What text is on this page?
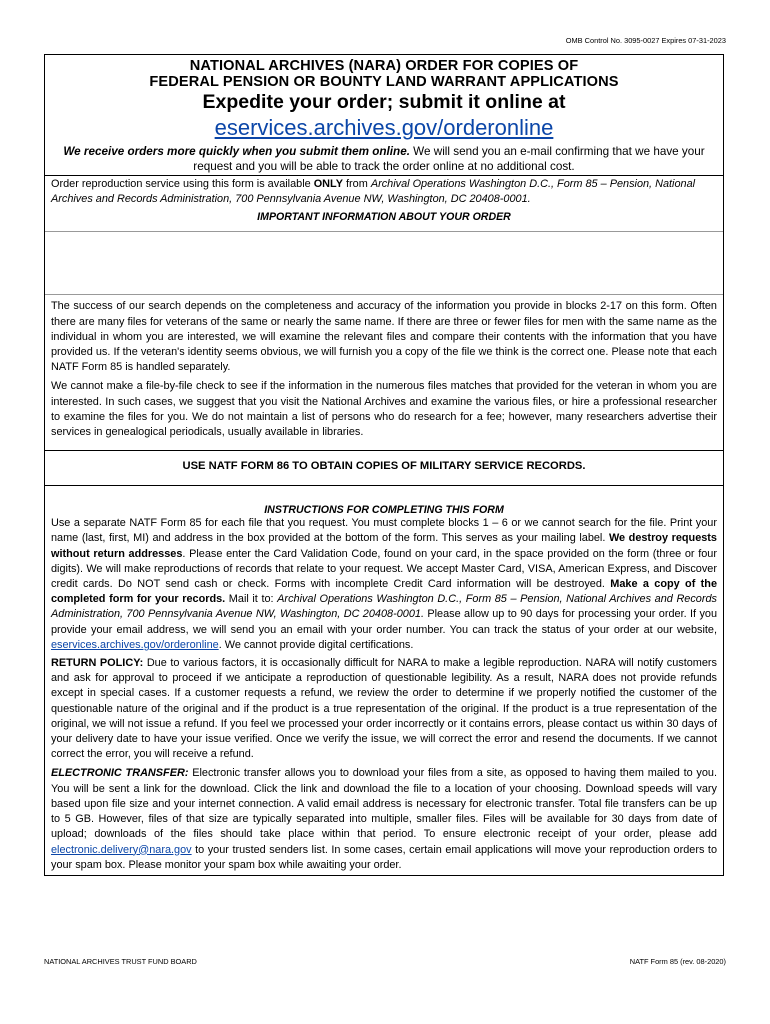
OMB Control No. 3095-0027 Expires 07-31-2023
NATIONAL ARCHIVES (NARA) ORDER FOR COPIES OF
FEDERAL PENSION OR BOUNTY LAND WARRANT APPLICATIONS
Expedite your order; submit it online at
eservices.archives.gov/orderonline
We receive orders more quickly when you submit them online. We will send you an e-mail confirming that we have your request and you will be able to track the order online at no additional cost.
Order reproduction service using this form is available ONLY from Archival Operations Washington D.C., Form 85 – Pension, National Archives and Records Administration, 700 Pennsylvania Avenue NW, Washington, DC 20408-0001.
IMPORTANT INFORMATION ABOUT YOUR ORDER
The success of our search depends on the completeness and accuracy of the information you provide in blocks 2-17 on this form. Often there are many files for veterans of the same or nearly the same name. If there are three or fewer files for men with the same name as the individual in whom you are interested, we will examine the relevant files and compare their contents with the information that you have provided us. If the veteran's identity seems obvious, we will furnish you a copy of the file we think is the correct one. Please note that each NATF Form 85 is handled separately.
We cannot make a file-by-file check to see if the information in the numerous files matches that provided for the veteran in whom you are interested. In such cases, we suggest that you visit the National Archives and examine the various files, or hire a professional researcher to examine the files for you. We do not maintain a list of persons who do research for a fee; however, many researchers advertise their services in genealogical periodicals, usually available in libraries.
USE NATF FORM 86 TO OBTAIN COPIES OF MILITARY SERVICE RECORDS.
INSTRUCTIONS FOR COMPLETING THIS FORM
Use a separate NATF Form 85 for each file that you request. You must complete blocks 1 – 6 or we cannot search for the file. Print your name (last, first, MI) and address in the box provided at the bottom of the form. This serves as your mailing label. We destroy requests without return addresses. Please enter the Card Validation Code, found on your card, in the space provided on the form (three or four digits). We will make reproductions of records that relate to your request. We accept Master Card, VISA, American Express, and Discover credit cards. Do NOT send cash or check. Forms with incomplete Credit Card information will be destroyed. Make a copy of the completed form for your records. Mail it to: Archival Operations Washington D.C., Form 85 – Pension, National Archives and Records Administration, 700 Pennsylvania Avenue NW, Washington, DC 20408-0001. Please allow up to 90 days for processing your order. If you provide your email address, we will send you an email with your order number. You can track the status of your order at our website, eservices.archives.gov/orderonline. We cannot provide digital certifications.
RETURN POLICY: Due to various factors, it is occasionally difficult for NARA to make a legible reproduction. NARA will notify customers and ask for approval to proceed if we anticipate a reproduction of questionable legibility. As a result, NARA does not provide refunds except in special cases. If a customer requests a refund, we review the order to determine if we properly notified the customer of the questionable nature of the original and if the product is a true representation of the original. If the product is a true representation of the original, we will not issue a refund. If you feel we processed your order incorrectly or it contains errors, please contact us within 30 days of your delivery date to have your issue verified. Once we verify the issue, we will correct the error and resend the documents. If we cannot correct the error, you will receive a refund.
ELECTRONIC TRANSFER: Electronic transfer allows you to download your files from a site, as opposed to having them mailed to you. You will be sent a link for the download. Click the link and download the file to a location of your choosing. Download speeds will vary based upon file size and your internet connection. A valid email address is necessary for electronic transfer. Total file transfers can be up to 5 GB. However, files of that size are typically separated into multiple, smaller files. Files will be available for 30 days from date of upload; downloads of the files should take place within that period. To ensure electronic receipt of your order, please add electronic.delivery@nara.gov to your trusted senders list. In some cases, certain email applications will move your reproduction orders to your spam box. Please monitor your spam box while awaiting your order.
NATIONAL ARCHIVES TRUST FUND BOARD	NATF Form 85 (rev. 08-2020)
